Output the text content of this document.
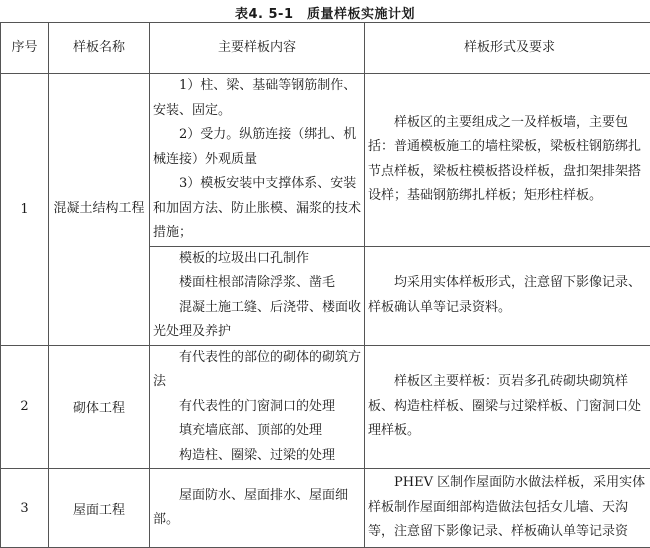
表4. 5-1　质量样板实施计划
序号	样板名称	主要样板内容	样板形式及要求
1	混凝土结构工程	1）柱、梁、基础等钢筋制作、安装、固定。

2）受力。纵筋连接（绑扎、机械连接）外观质量

3）模板安装中支撑体系、安装和加固方法、防止胀模、漏浆的技术措施；	样板区的主要组成之一及样板墙，主要包括：普通模板施工的墙柱梁板，梁板柱钢筋绑扎节点样板，梁板柱模板搭设样板，盘扣架排架搭设样；基础钢筋绑扎样板；矩形柱样板。

		模板的垃圾出口孔制作

楼面柱根部清除浮浆、凿毛

混凝土施工缝、后浇带、楼面收光处理及养护	均采用实体样板形式，注意留下影像记录、样板确认单等记录资料。

2	砌体工程	有代表性的部位的砌体的砌筑方法

有代表性的门窗洞口的处理

填充墙底部、顶部的处理

构造柱、圈梁、过梁的处理	样板区主要样板：页岩多孔砖砌块砌筑样板、构造柱样板、圈梁与过梁样板、门窗洞口处理样板。

3	屋面工程	屋面防水、屋面排水、屋面细部。	PHEV 区制作屋面防水做法样板，采用实体样板制作屋面细部构造做法包括女儿墙、天沟等，注意留下影像记录、样板确认单等记录资
